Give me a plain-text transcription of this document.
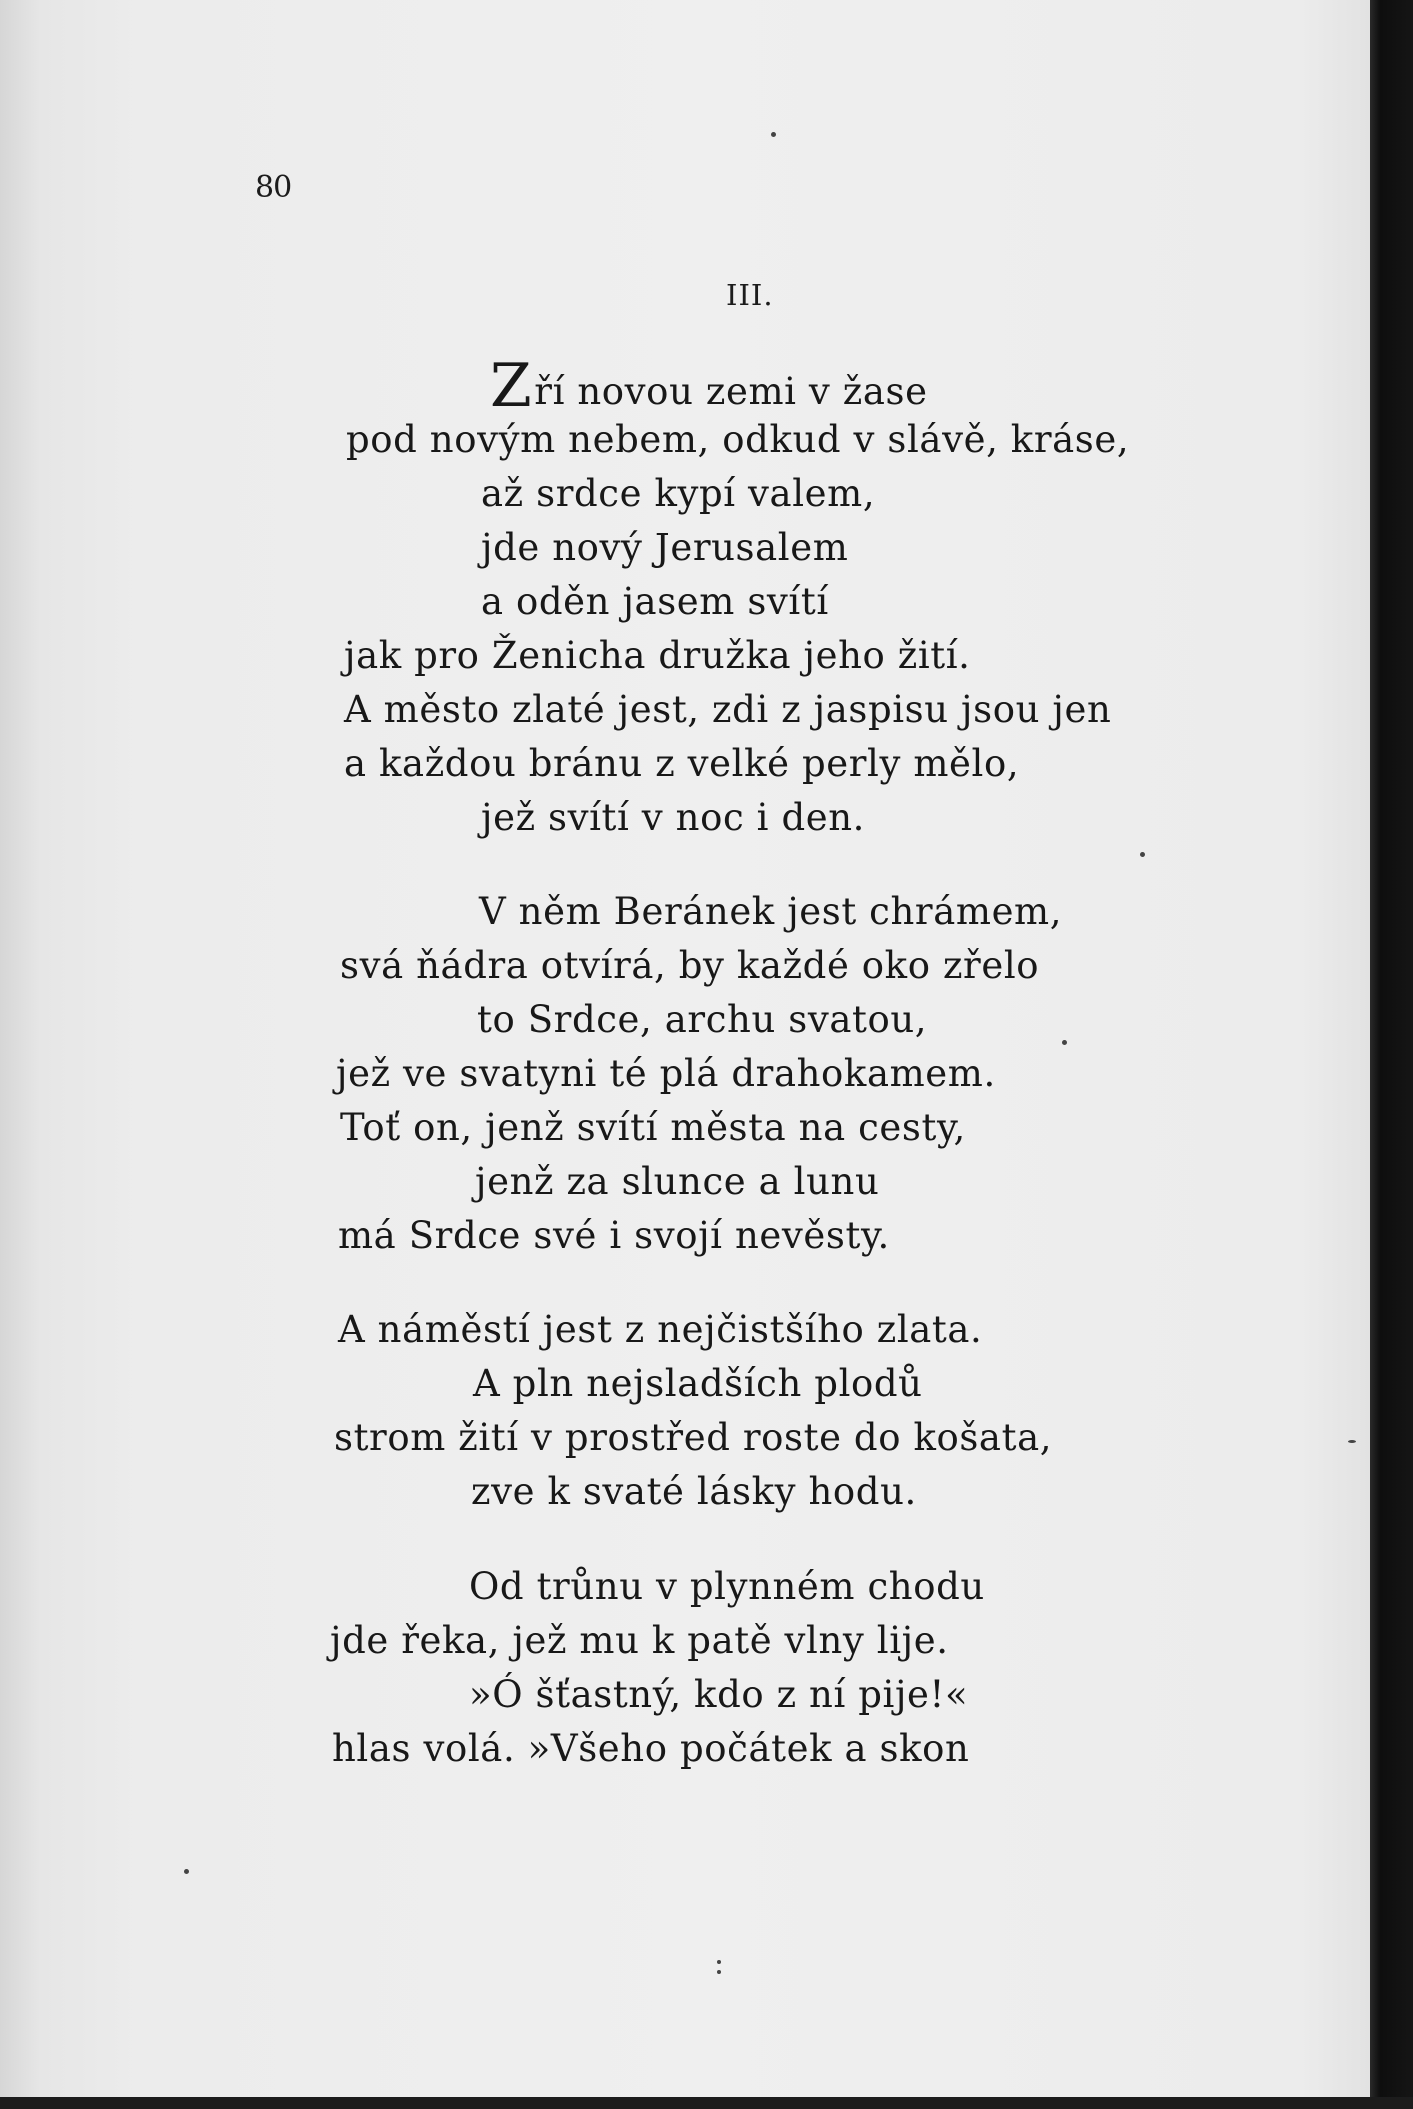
80
III.
Zří novou zemi v žase
pod novým nebem, odkud v slávě, kráse,
až srdce kypí valem,
jde nový Jerusalem
a oděn jasem svítí
jak pro Ženicha družka jeho žití.
A město zlaté jest, zdi z jaspisu jsou jen
a každou bránu z velké perly mělo,
jež svítí v noc i den.
V něm Beránek jest chrámem,
svá ňádra otvírá, by každé oko zřelo
to Srdce, archu svatou,
jež ve svatyni té plá drahokamem.
Toť on, jenž svítí města na cesty,
jenž za slunce a lunu
má Srdce své i svojí nevěsty.
A náměstí jest z nejčistšího zlata.
A pln nejsladších plodů
strom žití v prostřed roste do košata,
zve k svaté lásky hodu.
Od trůnu v plynném chodu
jde řeka, jež mu k patě vlny lije.
»Ó šťastný, kdo z ní pije!«
hlas volá. »Všeho počátek a skon
